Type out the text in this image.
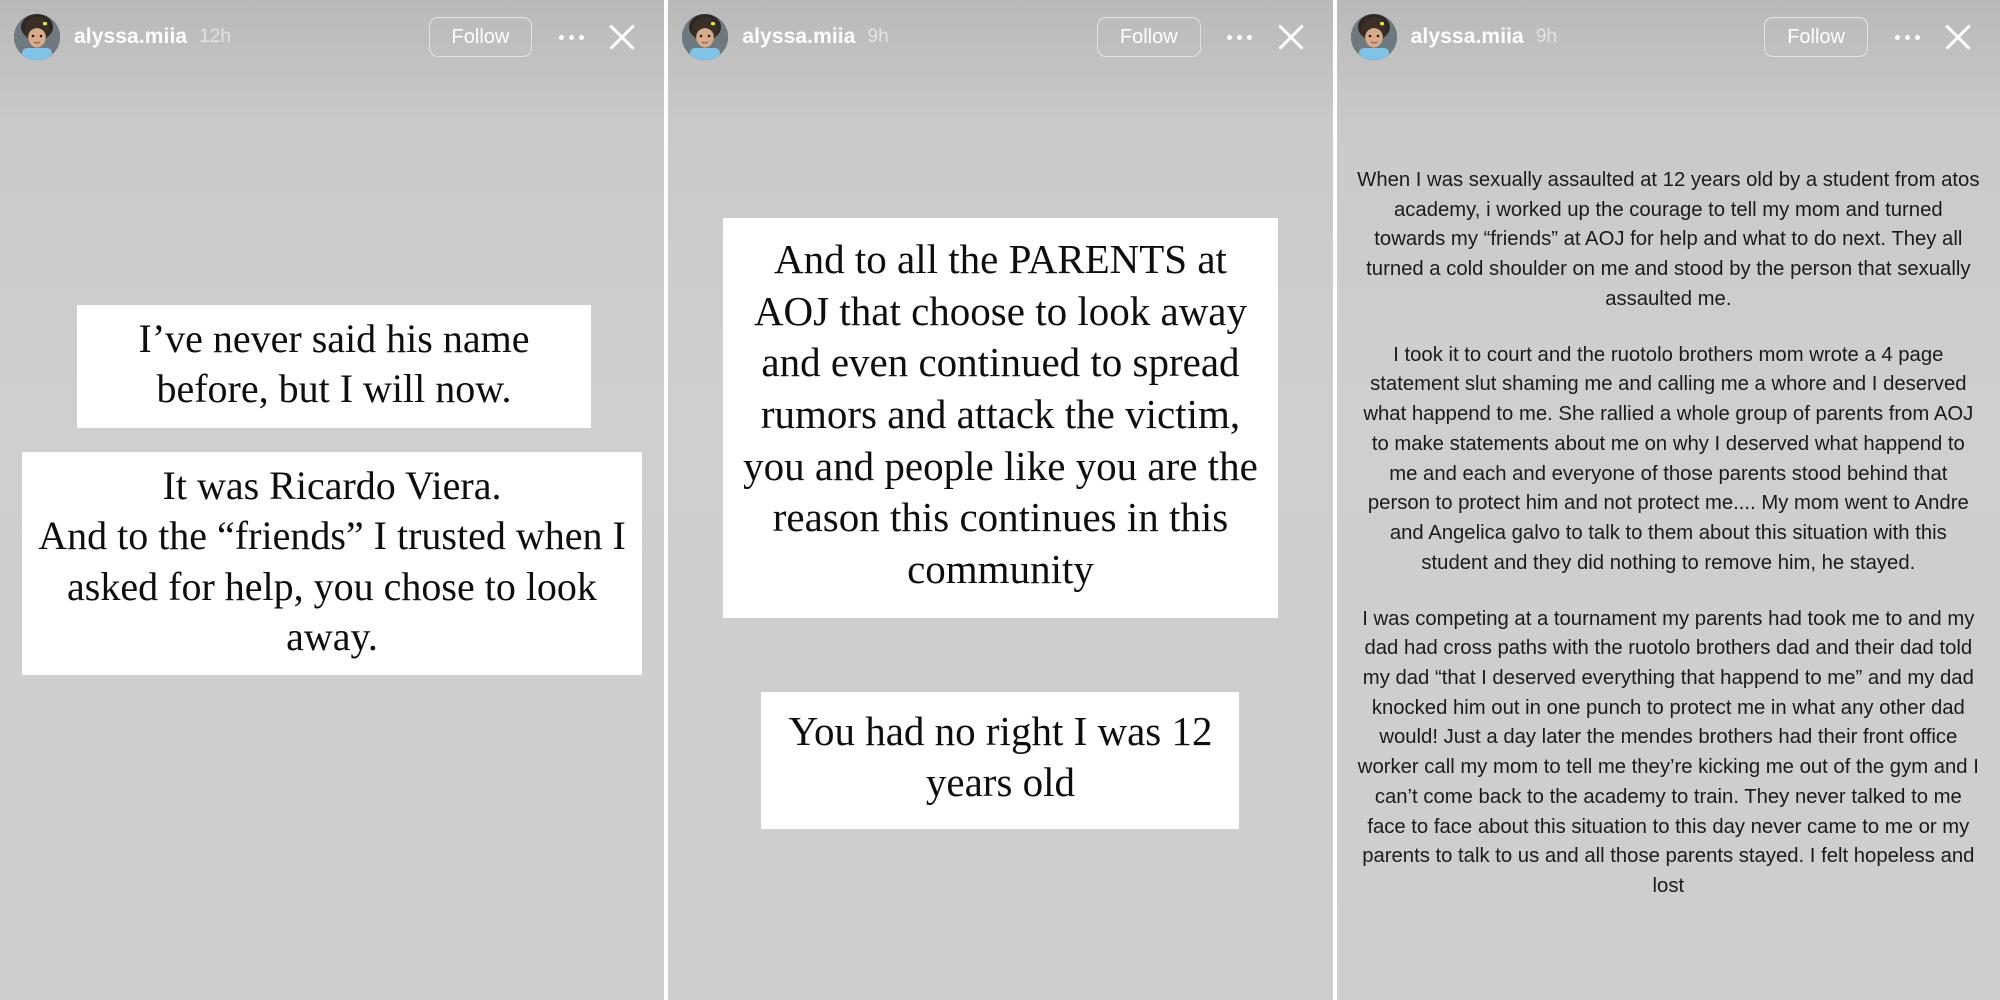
alyssa.miia 12h	Follow
I’ve never said his name before, but I will now.
It was Ricardo Viera.
And to the “friends” I trusted when I asked for help, you chose to look away.
alyssa.miia 9h	Follow
And to all the PARENTS at AOJ that choose to look away and even continued to spread rumors and attack the victim, you and people like you are the reason this continues in this community
You had no right I was 12 years old
alyssa.miia 9h	Follow

When I was sexually assaulted at 12 years old by a student from atos academy, i worked up the courage to tell my mom and turned towards my “friends” at AOJ for help and what to do next. They all turned a cold shoulder on me and stood by the person that sexually assaulted me.

I took it to court and the ruotolo brothers mom wrote a 4 page statement slut shaming me and calling me a whore and I deserved what happend to me. She rallied a whole group of parents from AOJ to make statements about me on why I deserved what happend to me and each and everyone of those parents stood behind that person to protect him and not protect me.... My mom went to Andre and Angelica galvo to talk to them about this situation with this student and they did nothing to remove him, he stayed.

I was competing at a tournament my parents had took me to and my dad had cross paths with the ruotolo brothers dad and their dad told my dad “that I deserved everything that happend to me” and my dad knocked him out in one punch to protect me in what any other dad would! Just a day later the mendes brothers had their front office worker call my mom to tell me they’re kicking me out of the gym and I can’t come back to the academy to train. They never talked to me face to face about this situation to this day never came to me or my parents to talk to us and all those parents stayed. I felt hopeless and lost
